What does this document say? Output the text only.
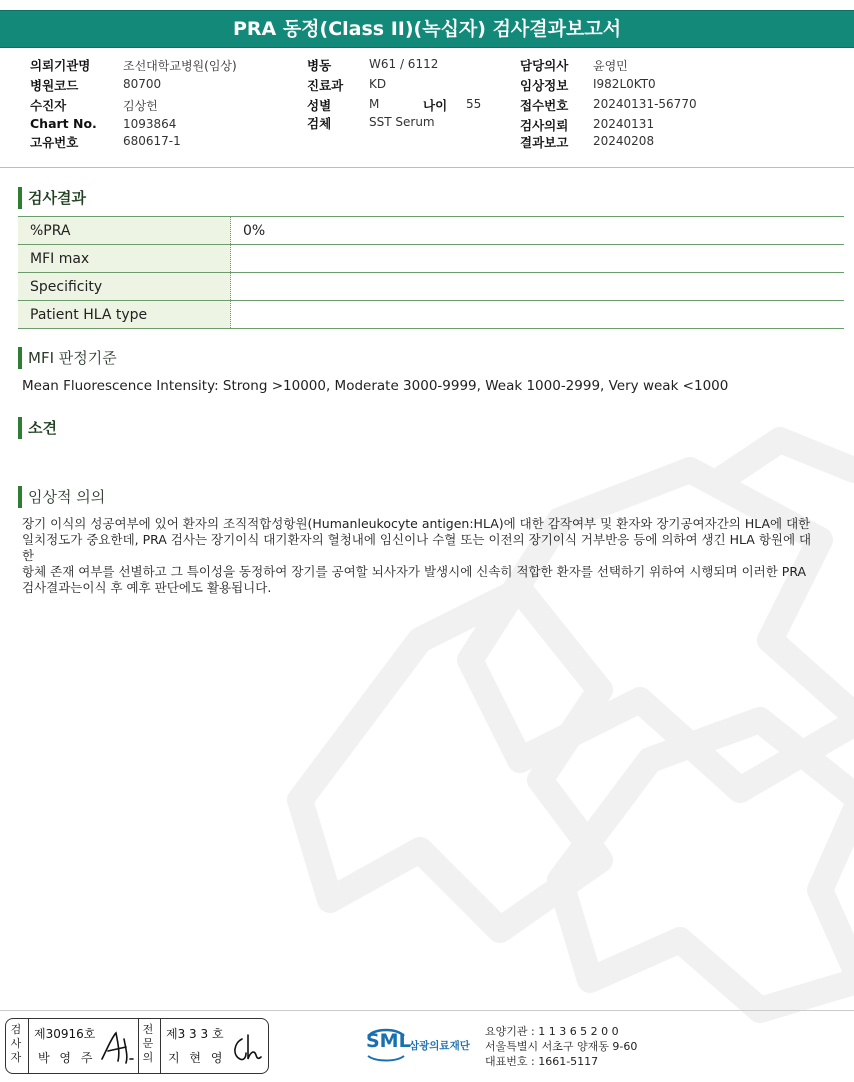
PRA 동정(Class II)(녹십자) 검사결과보고서
의뢰기관명	조선대학교병원(임상)
병원코드	80700
수진자	김상헌
Chart No. 1093864
고유번호	680617-1
병동	W61 / 6112
진료과 KD
성별	M	나이 55
검체	SST Serum
담당의사 윤영민
임상정보 I982L0KT0
접수번호 20240131-56770
검사의뢰 20240131
결과보고 20240208
검사결과
%PRA	0%
MFI max	
Specificity	
Patient HLA type	
MFI 판정기준
Mean Fluorescence Intensity: Strong >10000, Moderate 3000-9999, Weak 1000-2999, Very weak <1000
소견
임상적 의의
장기 이식의 성공여부에 있어 환자의 조직적합성항원(Humanleukocyte antigen:HLA)에 대한 감작여부 및 환자와 장기공여자간의 HLA에 대한
일치정도가 중요한데, PRA 검사는 장기이식 대기환자의 혈청내에 임신이나 수혈 또는 이전의 장기이식 거부반응 등에 의하여 생긴 HLA 항원에 대한
항체 존재 여부를 선별하고 그 특이성을 동정하여 장기를 공여할 뇌사자가 발생시에 신속히 적합한 환자를 선택하기 위하여 시행되며 이러한 PRA
검사결과는이식 후 예후 판단에도 활용됩니다.
검
사
자
제30916호
박 영 주
전
문
의
제3 3 3 호
지 현 영
SML
삼광의료재단
요양기관 : 1 1 3 6 5 2 0 0
서울특별시 서초구 양재동 9-60
대표번호 : 1661-5117
